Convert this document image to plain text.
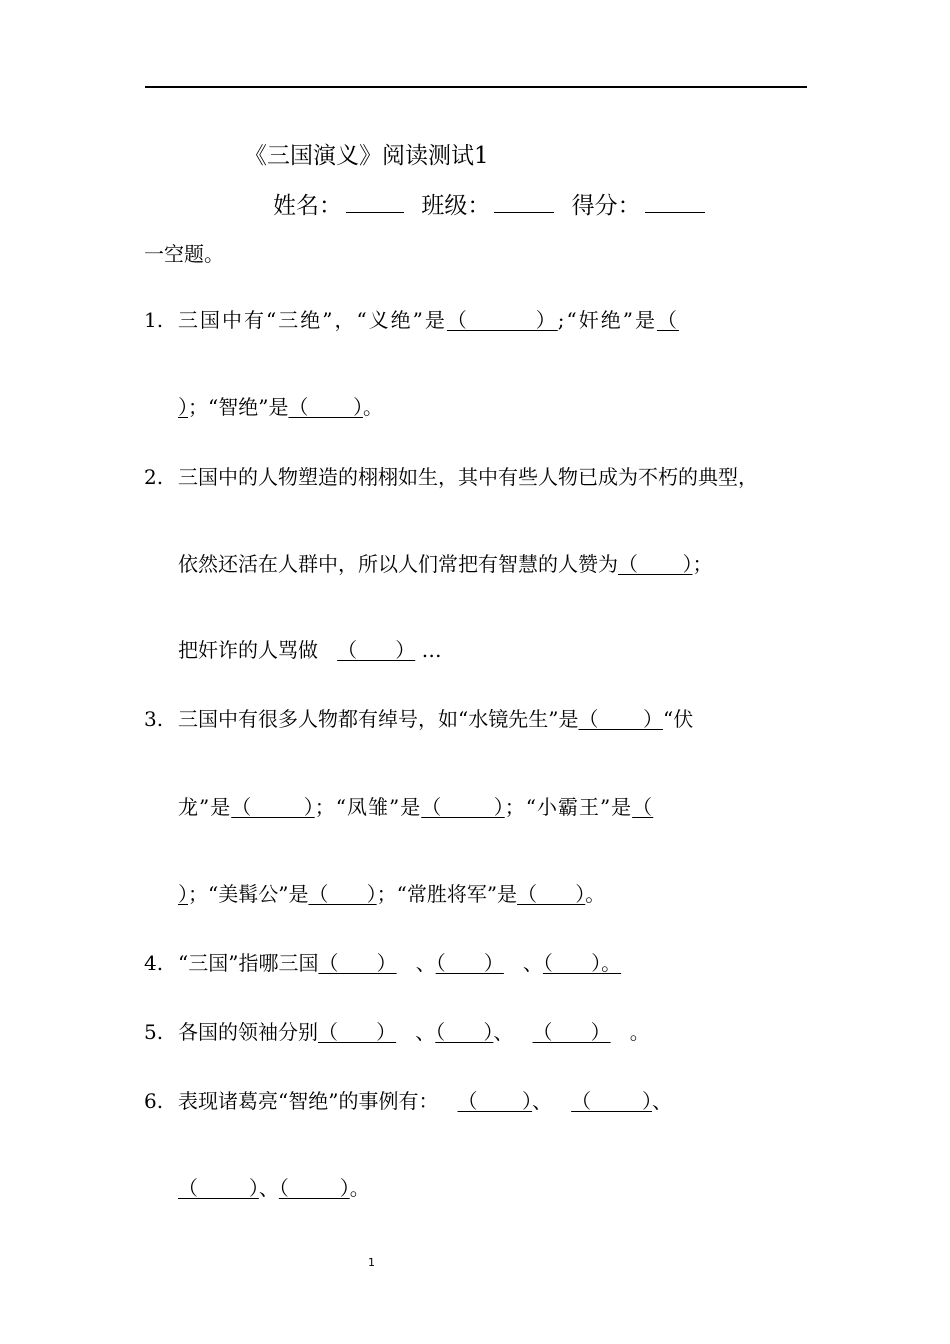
《三国演义》阅读测试1
姓名：	班级：	得分：
一空题。
1. 三国中有“三绝”，“义绝”是（        ）;“奸绝”是（
）；“智绝”是（       ）。
2. 三国中的人物塑造的栩栩如生，其中有些人物已成为不朽的典型，
依然还活在人群中，所以人们常把有智慧的人赞为（       ）；
把奸诈的人骂做 （      ） …
3. 三国中有很多人物都有绰号，如“水镜先生”是（       ）“伏
龙”是（       ）；“凤雏”是（       ）；“小霸王”是（
）；“美髯公”是（      ）；“常胜将军”是（      ）。
4. “三国”指哪三国（      ） 、（      ） 、（      ）。
5. 各国的领袖分别（      ） 、（      ）、 （      ） 。
6. 表现诸葛亮“智绝”的事例有： （       ）、 （        ）、
（        ）、（        ）。
1
